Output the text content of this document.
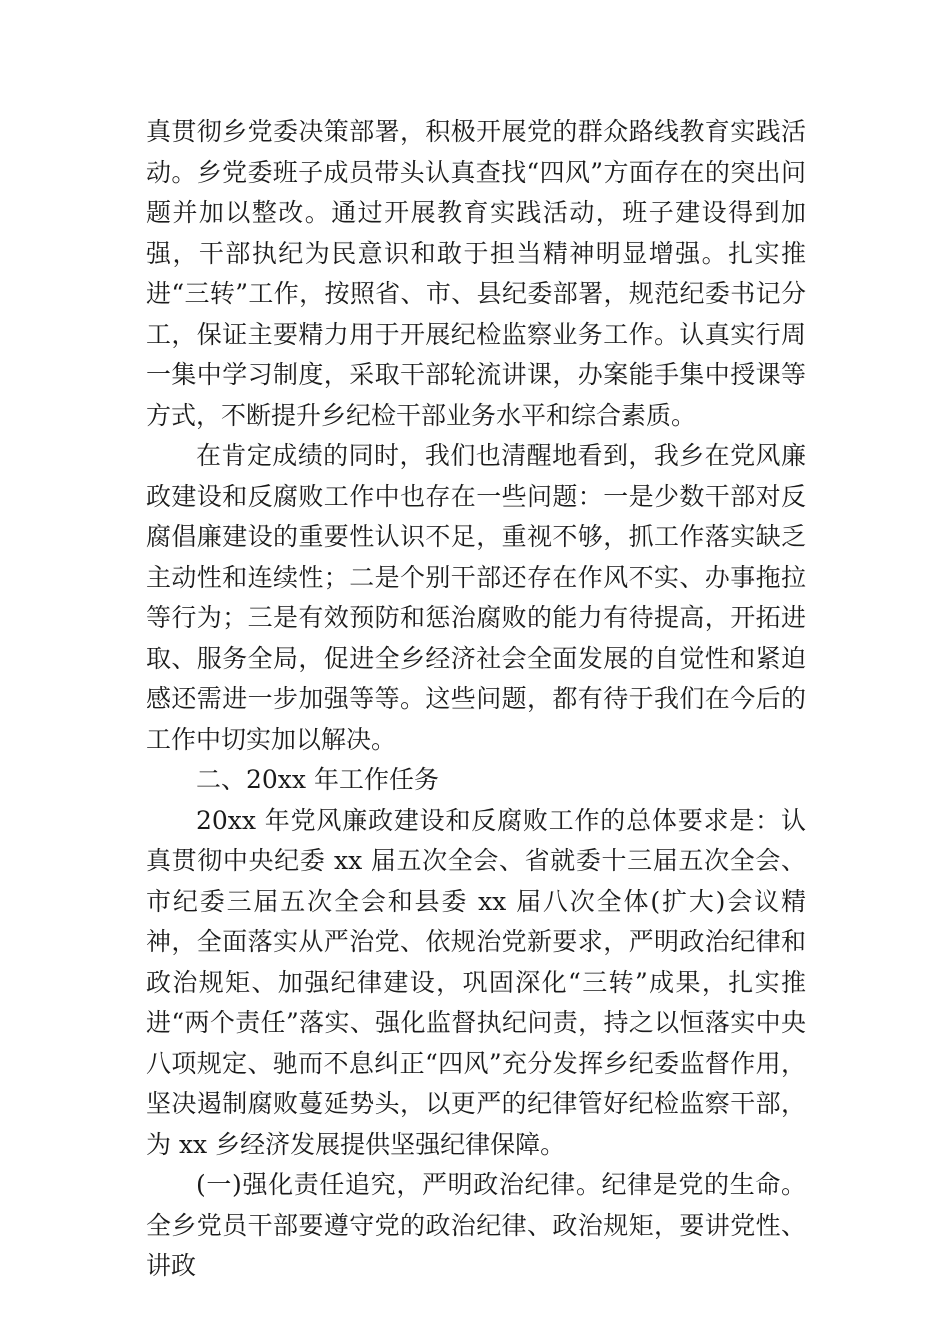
真贯彻乡党委决策部署，积极开展党的群众路线教育实践活动。乡党委班子成员带头认真查找“四风”方面存在的突出问题并加以整改。通过开展教育实践活动，班子建设得到加强，干部执纪为民意识和敢于担当精神明显增强。扎实推进“三转”工作，按照省、市、县纪委部署，规范纪委书记分工，保证主要精力用于开展纪检监察业务工作。认真实行周一集中学习制度，采取干部轮流讲课，办案能手集中授课等方式，不断提升乡纪检干部业务水平和综合素质。

在肯定成绩的同时，我们也清醒地看到，我乡在党风廉政建设和反腐败工作中也存在一些问题：一是少数干部对反腐倡廉建设的重要性认识不足，重视不够，抓工作落实缺乏主动性和连续性；二是个别干部还存在作风不实、办事拖拉等行为；三是有效预防和惩治腐败的能力有待提高，开拓进取、服务全局，促进全乡经济社会全面发展的自觉性和紧迫感还需进一步加强等等。这些问题，都有待于我们在今后的工作中切实加以解决。

二、20xx 年工作任务

20xx 年党风廉政建设和反腐败工作的总体要求是：认真贯彻中央纪委 xx 届五次全会、省就委十三届五次全会、市纪委三届五次全会和县委 xx 届八次全体(扩大)会议精神，全面落实从严治党、依规治党新要求，严明政治纪律和政治规矩、加强纪律建设，巩固深化“三转”成果，扎实推进“两个责任”落实、强化监督执纪问责，持之以恒落实中央八项规定、驰而不息纠正“四风”充分发挥乡纪委监督作用，坚决遏制腐败蔓延势头，以更严的纪律管好纪检监察干部，为 xx 乡经济发展提供坚强纪律保障。

(一)强化责任追究，严明政治纪律。纪律是党的生命。全乡党员干部要遵守党的政治纪律、政治规矩，要讲党性、讲政
